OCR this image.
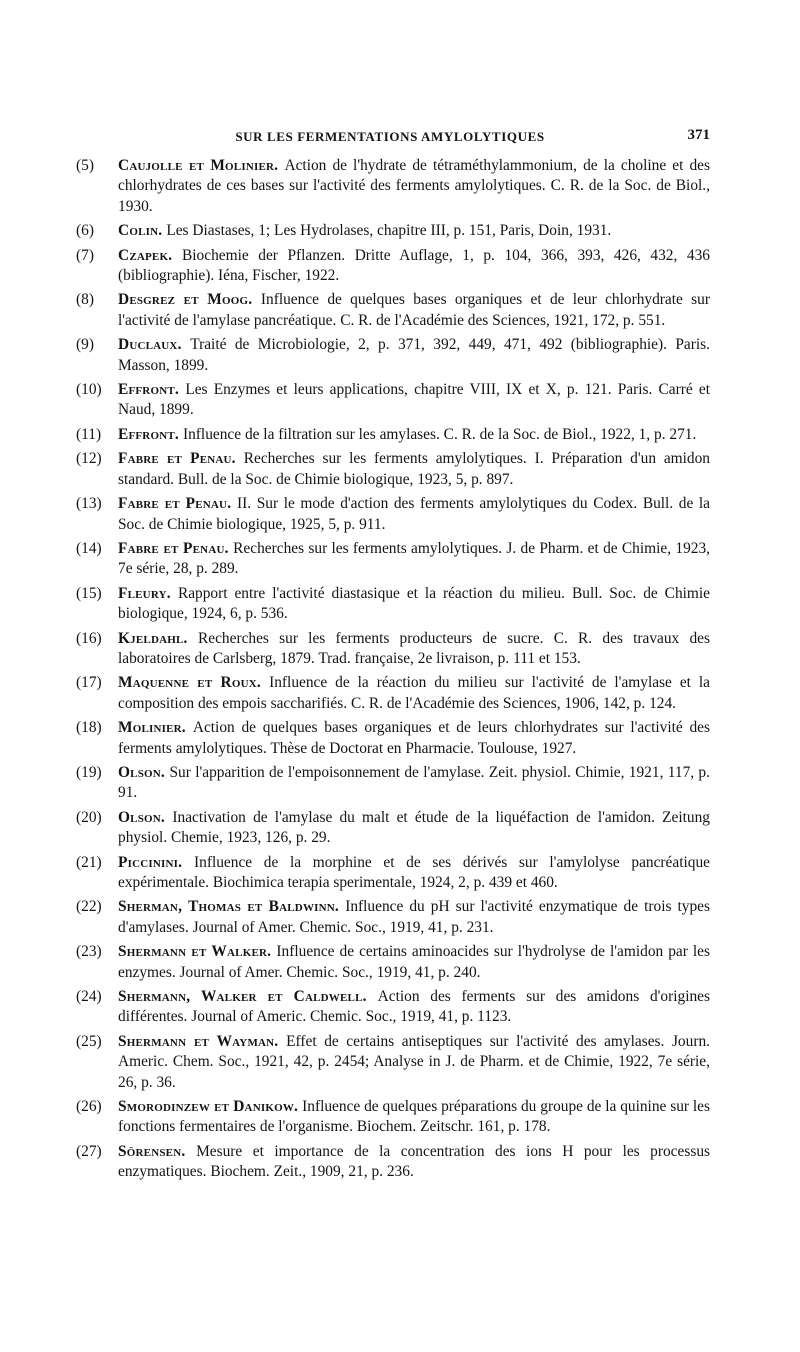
SUR LES FERMENTATIONS AMYLOLYTIQUES	371
(5)	Caujolle et Molinier. Action de l'hydrate de tétraméthylammonium, de la choline et des chlorhydrates de ces bases sur l'activité des ferments amylolytiques. C. R. de la Soc. de Biol., 1930.
(6)	Colin. Les Diastases, 1; Les Hydrolases, chapitre III, p. 151, Paris, Doin, 1931.
(7)	Czapek. Biochemie der Pflanzen. Dritte Auflage, 1, p. 104, 366, 393, 426, 432, 436 (bibliographie). Iéna, Fischer, 1922.
(8)	Desgrez et Moog. Influence de quelques bases organiques et de leur chlorhydrate sur l'activité de l'amylase pancréatique. C. R. de l'Académie des Sciences, 1921, 172, p. 551.
(9)	Duclaux. Traité de Microbiologie, 2, p. 371, 392, 449, 471, 492 (bibliographie). Paris. Masson, 1899.
(10)	Effront. Les Enzymes et leurs applications, chapitre VIII, IX et X, p. 121. Paris. Carré et Naud, 1899.
(11)	Effront. Influence de la filtration sur les amylases. C. R. de la Soc. de Biol., 1922, 1, p. 271.
(12)	Fabre et Penau. Recherches sur les ferments amylolytiques. I. Préparation d'un amidon standard. Bull. de la Soc. de Chimie biologique, 1923, 5, p. 897.
(13)	Fabre et Penau. II. Sur le mode d'action des ferments amylolytiques du Codex. Bull. de la Soc. de Chimie biologique, 1925, 5, p. 911.
(14)	Fabre et Penau. Recherches sur les ferments amylolytiques. J. de Pharm. et de Chimie, 1923, 7e série, 28, p. 289.
(15)	Fleury. Rapport entre l'activité diastasique et la réaction du milieu. Bull. Soc. de Chimie biologique, 1924, 6, p. 536.
(16)	Kjeldahl. Recherches sur les ferments producteurs de sucre. C. R. des travaux des laboratoires de Carlsberg, 1879. Trad. française, 2e livraison, p. 111 et 153.
(17)	Maquenne et Roux. Influence de la réaction du milieu sur l'activité de l'amylase et la composition des empois saccharifiés. C. R. de l'Académie des Sciences, 1906, 142, p. 124.
(18)	Molinier. Action de quelques bases organiques et de leurs chlorhydrates sur l'activité des ferments amylolytiques. Thèse de Doctorat en Pharmacie. Toulouse, 1927.
(19)	Olson. Sur l'apparition de l'empoisonnement de l'amylase. Zeit. physiol. Chimie, 1921, 117, p. 91.
(20)	Olson. Inactivation de l'amylase du malt et étude de la liquéfaction de l'amidon. Zeitung physiol. Chemie, 1923, 126, p. 29.
(21)	Piccinini. Influence de la morphine et de ses dérivés sur l'amylolyse pancréatique expérimentale. Biochimica terapia sperimentale, 1924, 2, p. 439 et 460.
(22)	Sherman, Thomas et Baldwinn. Influence du pH sur l'activité enzymatique de trois types d'amylases. Journal of Amer. Chemic. Soc., 1919, 41, p. 231.
(23)	Shermann et Walker. Influence de certains aminoacides sur l'hydrolyse de l'amidon par les enzymes. Journal of Amer. Chemic. Soc., 1919, 41, p. 240.
(24)	Shermann, Walker et Caldwell. Action des ferments sur des amidons d'origines différentes. Journal of Americ. Chemic. Soc., 1919, 41, p. 1123.
(25)	Shermann et Wayman. Effet de certains antiseptiques sur l'activité des amylases. Journ. Americ. Chem. Soc., 1921, 42, p. 2454; Analyse in J. de Pharm. et de Chimie, 1922, 7e série, 26, p. 36.
(26)	Smorodinzew et Danikow. Influence de quelques préparations du groupe de la quinine sur les fonctions fermentaires de l'organisme. Biochem. Zeitschr. 161, p. 178.
(27)	Sörensen. Mesure et importance de la concentration des ions H pour les processus enzymatiques. Biochem. Zeit., 1909, 21, p. 236.
